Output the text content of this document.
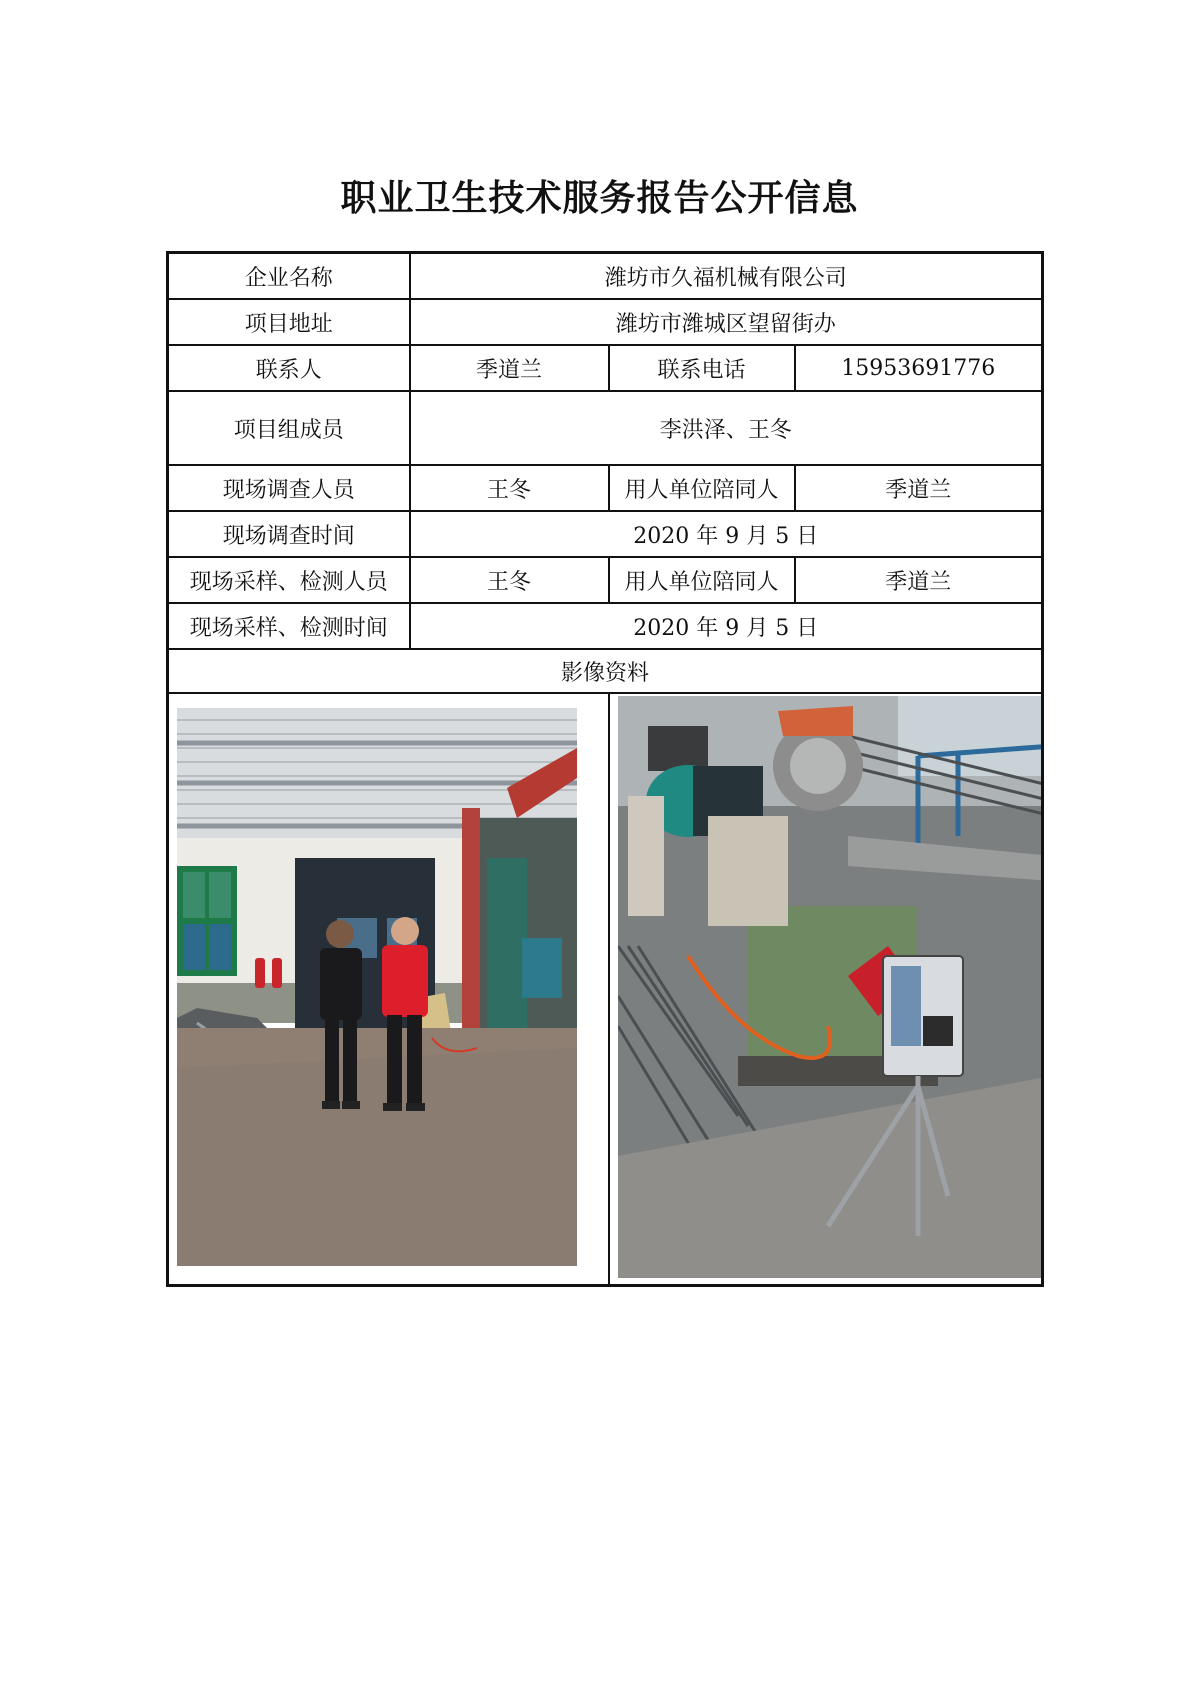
职业卫生技术服务报告公开信息
企业名称	潍坊市久福机械有限公司		
项目地址	潍坊市潍城区望留街办		
联系人	季道兰	联系电话	15953691776
项目组成员	李洪泽、王冬		
现场调查人员	王冬	用人单位陪同人	季道兰
现场调查时间	2020 年 9 月 5 日		
现场采样、检测人员	王冬	用人单位陪同人	季道兰
现场采样、检测时间	2020 年 9 月 5 日		
影像资料			
